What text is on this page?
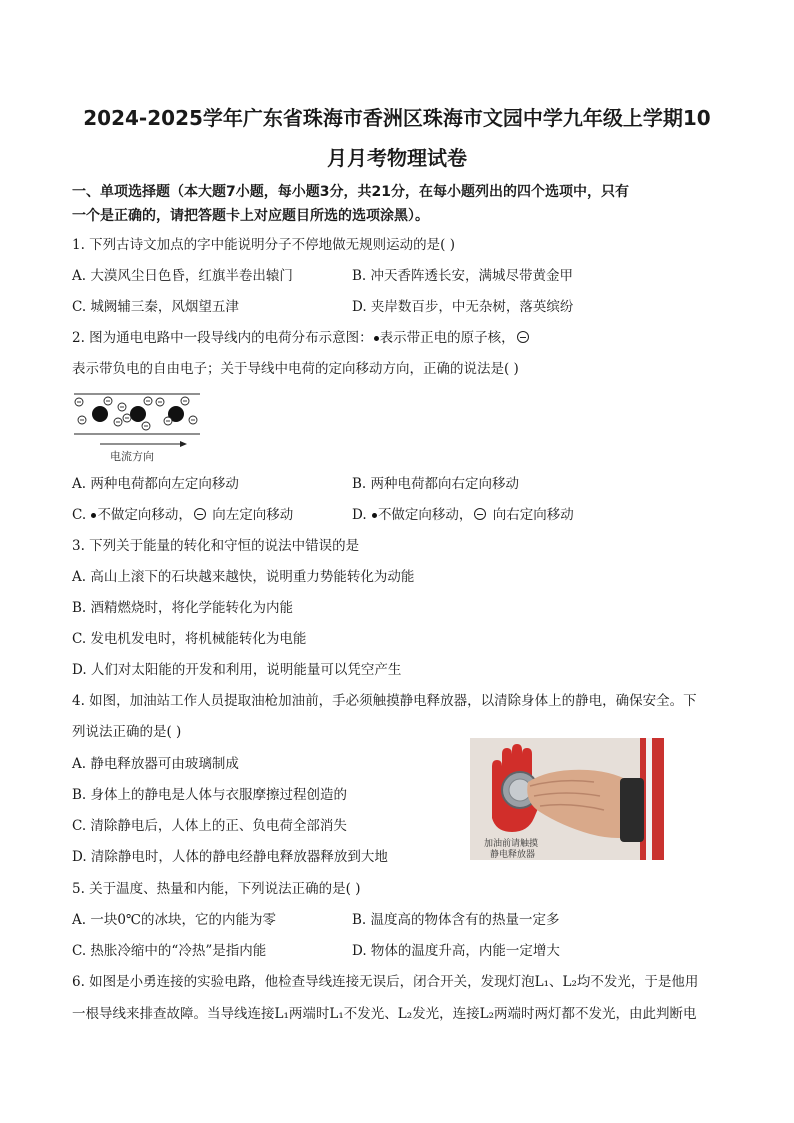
2024-2025学年广东省珠海市香洲区珠海市文园中学九年级上学期10
月月考物理试卷
一、单项选择题（本大题7小题，每小题3分，共21分，在每小题列出的四个选项中，只有
一个是正确的，请把答题卡上对应题目所选的选项涂黑）。
1. 下列古诗文加点的字中能说明分子不停地做无规则运动的是( )
A. 大漠风尘日色昏，红旗半卷出辕门	B. 冲天香阵透长安，满城尽带黄金甲
C. 城阙辅三秦，风烟望五津	D. 夹岸数百步，中无杂树，落英缤纷
2. 图为通电电路中一段导线内的电荷分布示意图： 表示带正电的原子核，
表示带负电的自由电子；关于导线中电荷的定向移动方向，正确的说法是( )
电流方向
A. 两种电荷都向左定向移动	B. 两种电荷都向右定向移动
C. 不做定向移动， 向左定向移动	D. 不做定向移动， 向右定向移动
3. 下列关于能量的转化和守恒的说法中错误的是
A. 高山上滚下的石块越来越快，说明重力势能转化为动能
B. 酒精燃烧时，将化学能转化为内能
C. 发电机发电时，将机械能转化为电能
D. 人们对太阳能的开发和利用，说明能量可以凭空产生
4. 如图，加油站工作人员提取油枪加油前，手必须触摸静电释放器，以清除身体上的静电，确保安全。下
列说法正确的是( )
A. 静电释放器可由玻璃制成
B. 身体上的静电是人体与衣服摩擦过程创造的
C. 清除静电后，人体上的正、负电荷全部消失
D. 清除静电时，人体的静电经静电释放器释放到大地
加油前请触摸
静电释放器
5. 关于温度、热量和内能，下列说法正确的是( )
A. 一块0℃的冰块，它的内能为零	B. 温度高的物体含有的热量一定多
C. 热胀冷缩中的“冷热”是指内能	D. 物体的温度升高，内能一定增大
6. 如图是小勇连接的实验电路，他检查导线连接无误后，闭合开关，发现灯泡L₁、L₂均不发光，于是他用
一根导线来排查故障。当导线连接L₁两端时L₁不发光、L₂发光，连接L₂两端时两灯都不发光，由此判断电
